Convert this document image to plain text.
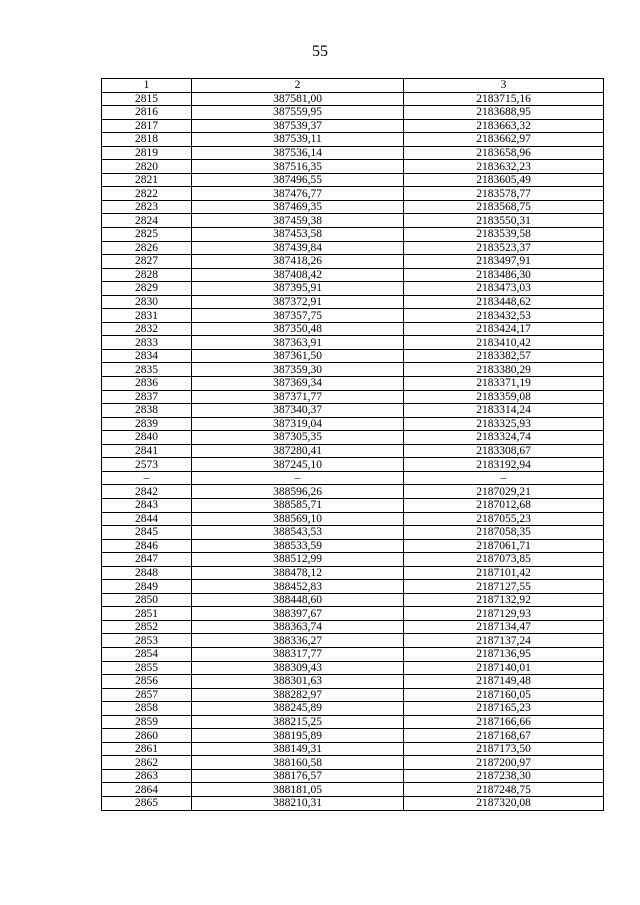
55
1	2	3
2815	387581,00	2183715,16
2816	387559,95	2183688,95
2817	387539,37	2183663,32
2818	387539,11	2183662,97
2819	387536,14	2183658,96
2820	387516,35	2183632,23
2821	387496,55	2183605,49
2822	387476,77	2183578,77
2823	387469,35	2183568,75
2824	387459,38	2183550,31
2825	387453,58	2183539,58
2826	387439,84	2183523,37
2827	387418,26	2183497,91
2828	387408,42	2183486,30
2829	387395,91	2183473,03
2830	387372,91	2183448,62
2831	387357,75	2183432,53
2832	387350,48	2183424,17
2833	387363,91	2183410,42
2834	387361,50	2183382,57
2835	387359,30	2183380,29
2836	387369,34	2183371,19
2837	387371,77	2183359,08
2838	387340,37	2183314,24
2839	387319,04	2183325,93
2840	387305,35	2183324,74
2841	387280,41	2183308,67
2573	387245,10	2183192,94
–	–	–
2842	388596,26	2187029,21
2843	388585,71	2187012,68
2844	388569,10	2187055,23
2845	388543,53	2187058,35
2846	388533,59	2187061,71
2847	388512,99	2187073,85
2848	388478,12	2187101,42
2849	388452,83	2187127,55
2850	388448,60	2187132,92
2851	388397,67	2187129,93
2852	388363,74	2187134,47
2853	388336,27	2187137,24
2854	388317,77	2187136,95
2855	388309,43	2187140,01
2856	388301,63	2187149,48
2857	388282,97	2187160,05
2858	388245,89	2187165,23
2859	388215,25	2187166,66
2860	388195,89	2187168,67
2861	388149,31	2187173,50
2862	388160,58	2187200,97
2863	388176,57	2187238,30
2864	388181,05	2187248,75
2865	388210,31	2187320,08
